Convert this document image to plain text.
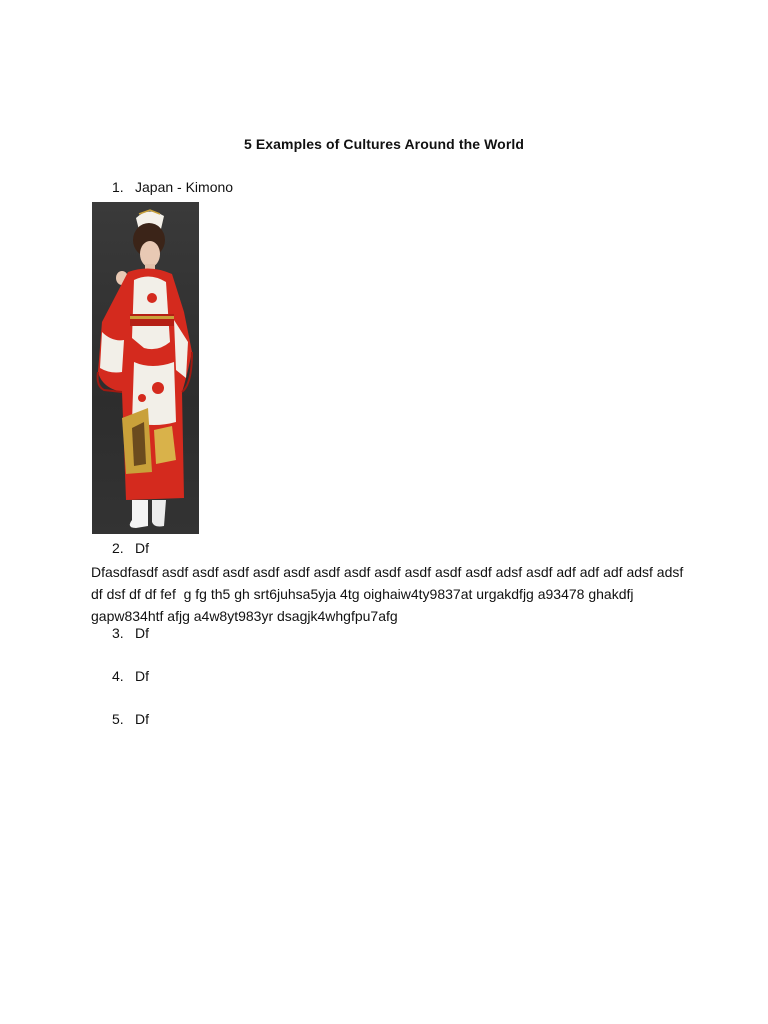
5 Examples of Cultures Around the World
1. Japan - Kimono
2. Df
Dfasdfasdf asdf asdf asdf asdf asdf asdf asdf asdf asdf asdf asdf adsf asdf adf adf adf adsf adsf df dsf df df fef  g fg th5 gh srt6juhsa5yja 4tg oighaiw4ty9837at urgakdfjg a93478 ghakdfj gapw834htf afjg a4w8yt983yr dsagjk4whgfpu7afg
3. Df
4. Df
5. Df
